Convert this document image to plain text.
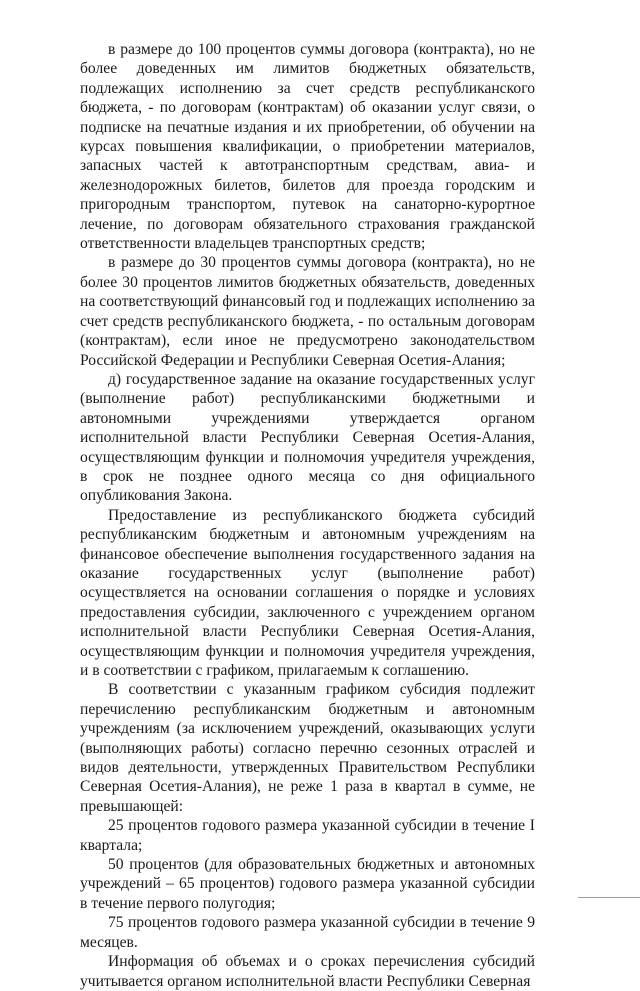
в размере до 100 процентов суммы договора (контракта), но не более доведенных им лимитов бюджетных обязательств, подлежащих исполнению за счет средств республиканского бюджета, - по договорам (контрактам) об оказании услуг связи, о подписке на печатные издания и их приобретении, об обучении на курсах повышения квалификации, о приобретении материалов, запасных частей к автотранспортным средствам, авиа- и железнодорожных билетов, билетов для проезда городским и пригородным транспортом, путевок на санаторно-курортное лечение, по договорам обязательного страхования гражданской ответственности владельцев транспортных средств;

в размере до 30 процентов суммы договора (контракта), но не более 30 процентов лимитов бюджетных обязательств, доведенных на соответствующий финансовый год и подлежащих исполнению за счет средств республиканского бюджета, - по остальным договорам (контрактам), если иное не предусмотрено законодательством Российской Федерации и Республики Северная Осетия-Алания;

д) государственное задание на оказание государственных услуг (выполнение работ) республиканскими бюджетными и автономными учреждениями утверждается органом исполнительной власти Республики Северная Осетия-Алания, осуществляющим функции и полномочия учредителя учреждения, в срок не позднее одного месяца со дня официального опубликования Закона.

Предоставление из республиканского бюджета субсидий республиканским бюджетным и автономным учреждениям на финансовое обеспечение выполнения государственного задания на оказание государственных услуг (выполнение работ) осуществляется на основании соглашения о порядке и условиях предоставления субсидии, заключенного с учреждением органом исполнительной власти Республики Северная Осетия-Алания, осуществляющим функции и полномочия учредителя учреждения, и в соответствии с графиком, прилагаемым к соглашению.

В соответствии с указанным графиком субсидия подлежит перечислению республиканским бюджетным и автономным учреждениям (за исключением учреждений, оказывающих услуги (выполняющих работы) согласно перечню сезонных отраслей и видов деятельности, утвержденных Правительством Республики Северная Осетия-Алания), не реже 1 раза в квартал в сумме, не превышающей:

25 процентов годового размера указанной субсидии в течение I квартала;

50 процентов (для образовательных бюджетных и автономных учреждений – 65 процентов) годового размера указанной субсидии в течение первого полугодия;

75 процентов годового размера указанной субсидии в течение 9 месяцев.

Информация об объемах и о сроках перечисления субсидий учитывается органом исполнительной власти Республики Северная
